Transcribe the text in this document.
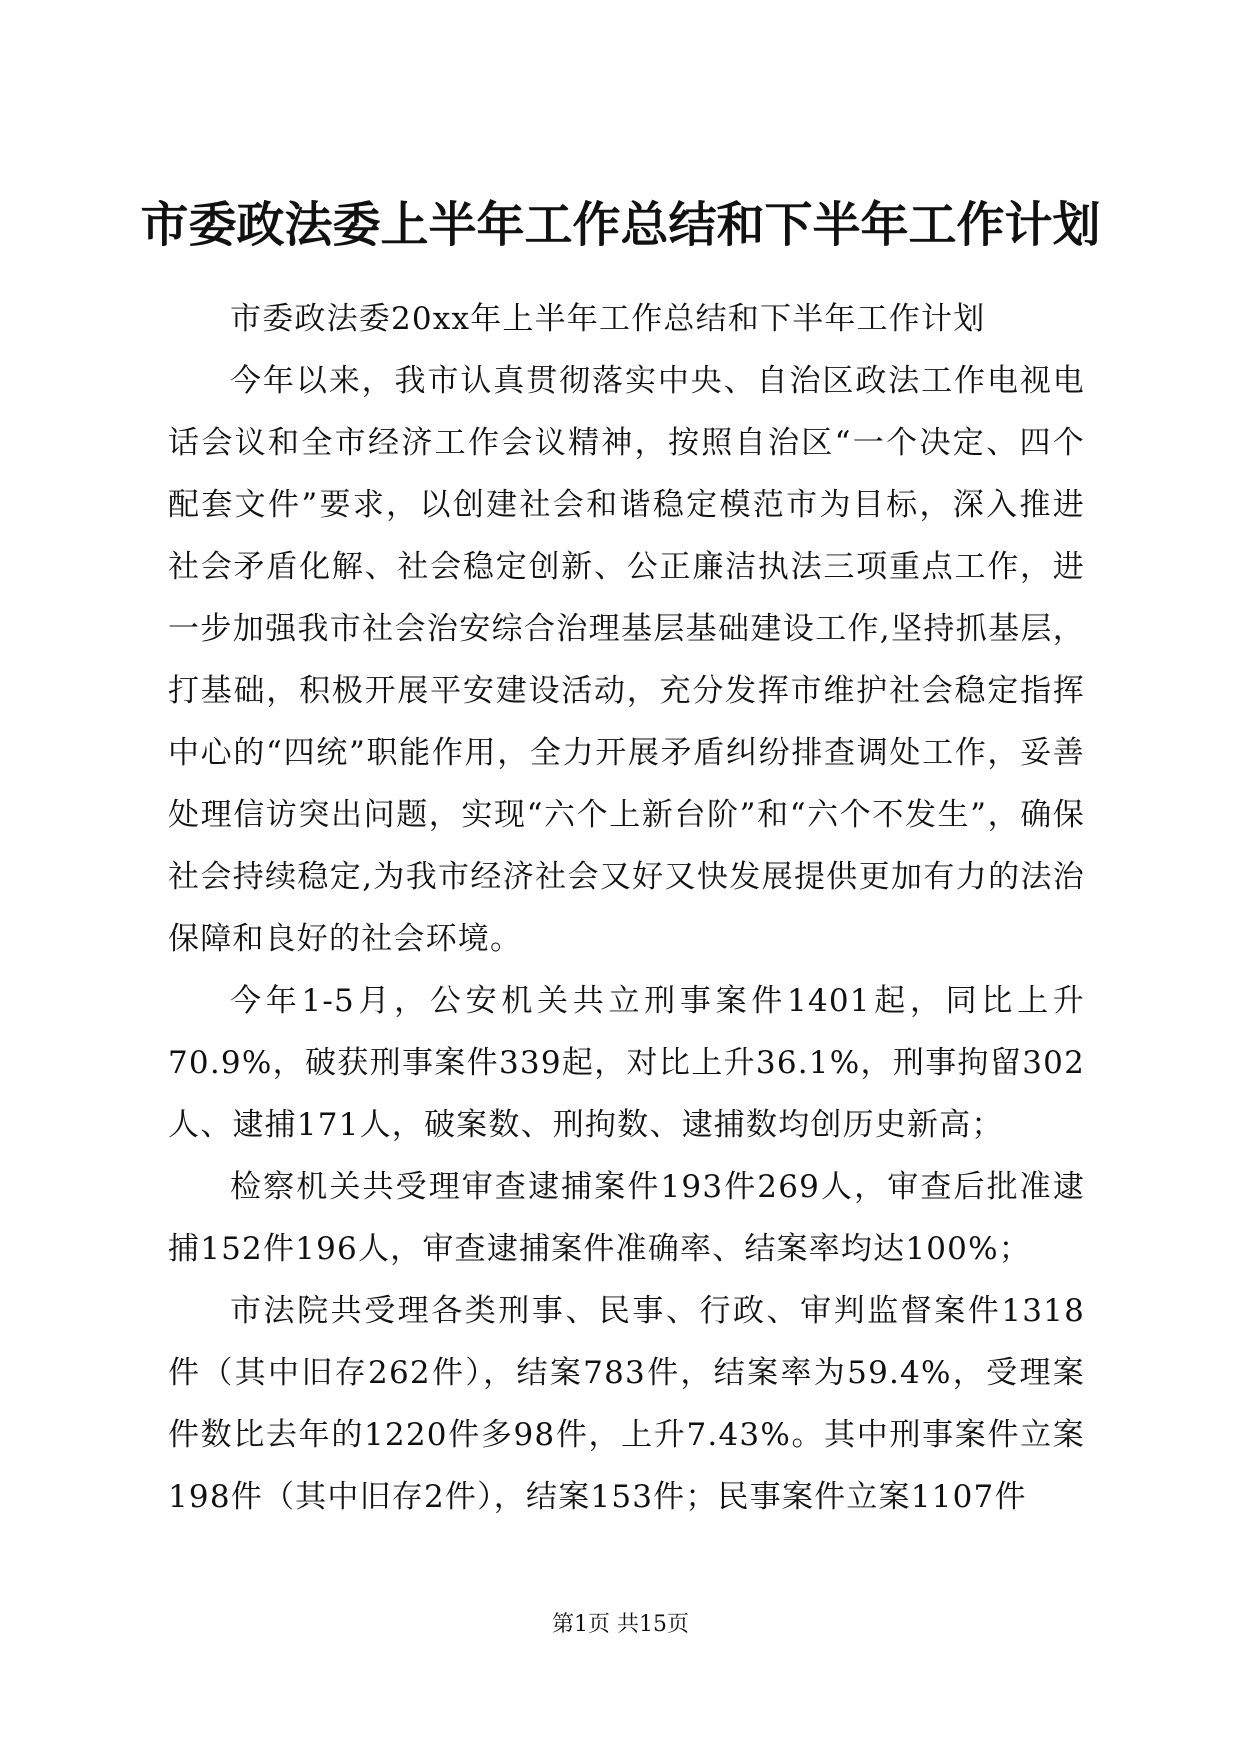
市委政法委上半年工作总结和下半年工作计划

市委政法委20xx年上半年工作总结和下半年工作计划

今年以来，我市认真贯彻落实中央、自治区政法工作电视电话会议和全市经济工作会议精神，按照自治区“一个决定、四个配套文件”要求，以创建社会和谐稳定模范市为目标，深入推进社会矛盾化解、社会稳定创新、公正廉洁执法三项重点工作，进一步加强我市社会治安综合治理基层基础建设工作,坚持抓基层，打基础，积极开展平安建设活动，充分发挥市维护社会稳定指挥中心的“四统”职能作用，全力开展矛盾纠纷排查调处工作，妥善处理信访突出问题，实现“六个上新台阶”和“六个不发生”，确保社会持续稳定,为我市经济社会又好又快发展提供更加有力的法治保障和良好的社会环境。

今年1-5月，公安机关共立刑事案件1401起，同比上升70.9%，破获刑事案件339起，对比上升36.1%，刑事拘留302人、逮捕171人，破案数、刑拘数、逮捕数均创历史新高；

检察机关共受理审查逮捕案件193件269人，审查后批准逮捕152件196人，审查逮捕案件准确率、结案率均达100%；

市法院共受理各类刑事、民事、行政、审判监督案件1318件（其中旧存262件），结案783件，结案率为59.4%，受理案件数比去年的1220件多98件，上升7.43%。其中刑事案件立案198件（其中旧存2件），结案153件；民事案件立案1107件

第1页 共15页
